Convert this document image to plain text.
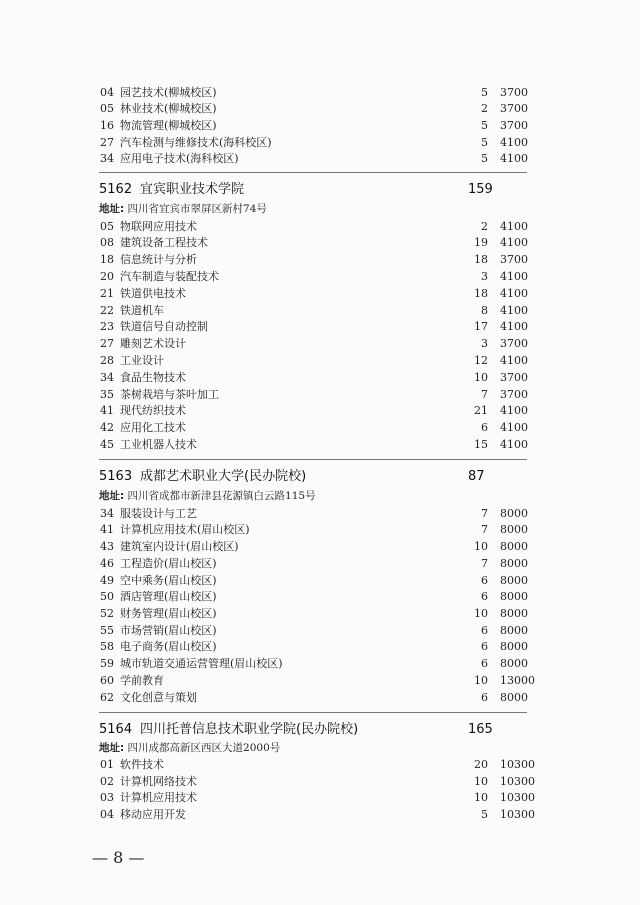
04 园艺技术(柳城校区)	5 3700
05 林业技术(柳城校区)	2 3700
16 物流管理(柳城校区)	5 3700
27 汽车检测与维修技术(海科校区)	5 4100
34 应用电子技术(海科校区)	5 4100
5162 宜宾职业技术学院	159
地址: 四川省宜宾市翠屏区新村74号
05 物联网应用技术	2 4100
08 建筑设备工程技术	19 4100
18 信息统计与分析	18 3700
20 汽车制造与装配技术	3 4100
21 铁道供电技术	18 4100
22 铁道机车	8 4100
23 铁道信号自动控制	17 4100
27 雕刻艺术设计	3 3700
28 工业设计	12 4100
34 食品生物技术	10 3700
35 茶树栽培与茶叶加工	7 3700
41 现代纺织技术	21 4100
42 应用化工技术	6 4100
45 工业机器人技术	15 4100
5163 成都艺术职业大学(民办院校)	87
地址: 四川省成都市新津县花源镇白云路115号
34 服装设计与工艺	7 8000
41 计算机应用技术(眉山校区)	7 8000
43 建筑室内设计(眉山校区)	10 8000
46 工程造价(眉山校区)	7 8000
49 空中乘务(眉山校区)	6 8000
50 酒店管理(眉山校区)	6 8000
52 财务管理(眉山校区)	10 8000
55 市场营销(眉山校区)	6 8000
58 电子商务(眉山校区)	6 8000
59 城市轨道交通运营管理(眉山校区)	6 8000
60 学前教育	10 13000
62 文化创意与策划	6 8000
5164 四川托普信息技术职业学院(民办院校)	165
地址: 四川成都高新区西区大道2000号
01 软件技术	20 10300
02 计算机网络技术	10 10300
03 计算机应用技术	10 10300
04 移动应用开发	5 10300
— 8 —
